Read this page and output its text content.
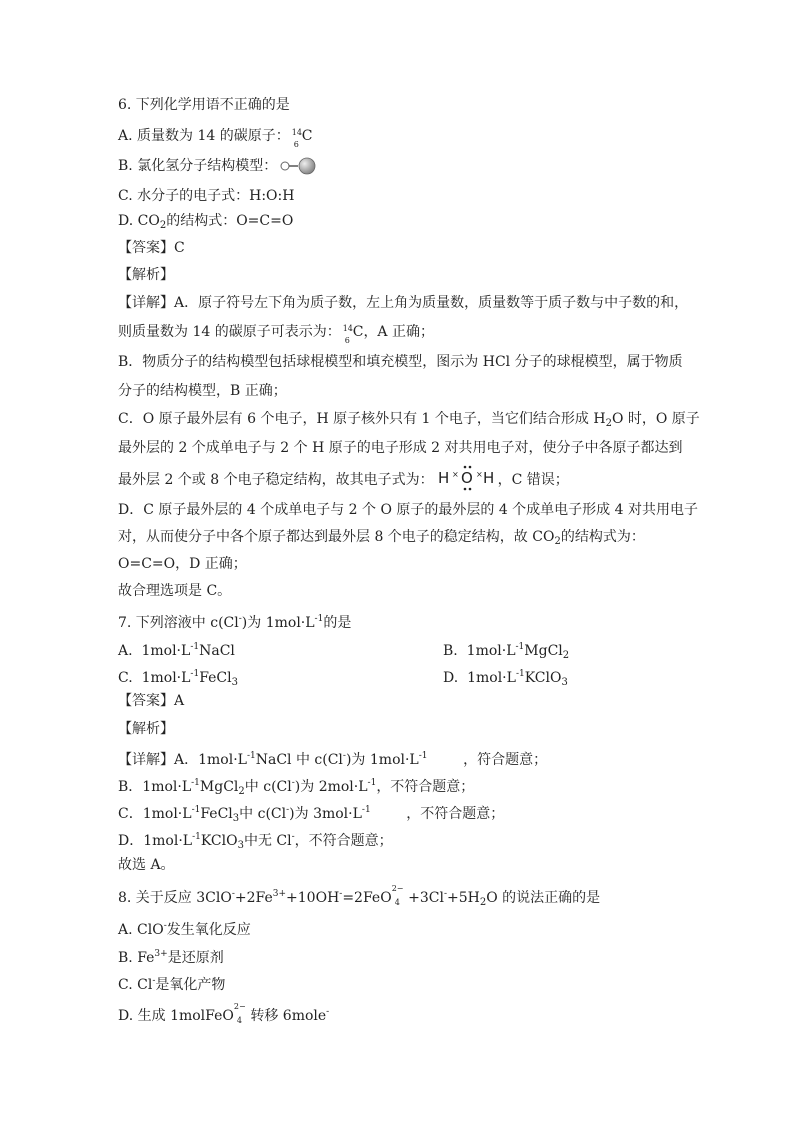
6. 下列化学用语不正确的是
A. 质量数为 14 的碳原子： 14
6
C
B. 氯化氢分子结构模型：
C. 水分子的电子式：H:O:H
D. $CO_2$的结构式：O=C=O
【答案】C
【解析】
【详解】A．原子符号左下角为质子数，左上角为质量数，质量数等于质子数与中子数的和，
则质量数为 14 的碳原子可表示为： 14
6
C，A 正确；
B．物质分子的结构模型包括球棍模型和填充模型，图示为 HCl 分子的球棍模型，属于物质
分子的结构模型，B 正确；
C．O 原子最外层有 6 个电子，H 原子核外只有 1 个电子，当它们结合形成 $H_2O$ 时，O 原子
最外层的 2 个成单电子与 2 个 H 原子的电子形成 2 对共用电子对，使分子中各原子都达到
最外层 2 个或 8 个电子稳定结构，故其电子式为： H × O × H ，C 错误；
D．C 原子最外层的 4 个成单电子与 2 个 O 原子的最外层的 4 个成单电子形成 4 对共用电子
对，从而使分子中各个原子都达到最外层 8 个电子的稳定结构，故 $CO_2$的结构式为：
O=C=O，D 正确；
故合理选项是 C。
7. 下列溶液中 c(Cl-)为 $1mol\cdot L^{-1}$的是
A. $1mol\cdot L^{-1}NaCl$	B. $1mol\cdot L^{-1}MgCl_2$
C. $1mol\cdot L^{-1}FeCl_3$	D. $1mol\cdot L^{-1}KClO_3$
【答案】A
【解析】
【详解】A．$1mol\cdot L^{-1}NaCl$ 中 c(Cl-)为 $1mol\cdot L^{-1}$        ，符合题意；
B．$1mol\cdot L^{-1}MgCl_2$中 c(Cl-)为 $2mol\cdot L^{-1}$，不符合题意；
C．$1mol\cdot L^{-1}FeCl_3$中 c(Cl-)为 $3mol\cdot L^{-1}$        ，不符合题意；
D．$1mol\cdot L^{-1}KClO_3$中无 Cl-，不符合题意；
故选 A。
8. 关于反应 $3ClO^-+2Fe^{3+}+10OH^-=2FeO$
2−
$4 +3Cl^-+5H_2O$ 的说法正确的是
A. ClO-发生氧化反应
B. $Fe^{3+}$是还原剂
C. Cl-是氧化产物
D. 生成 1molFeO
2−
4 转移 6mole-
